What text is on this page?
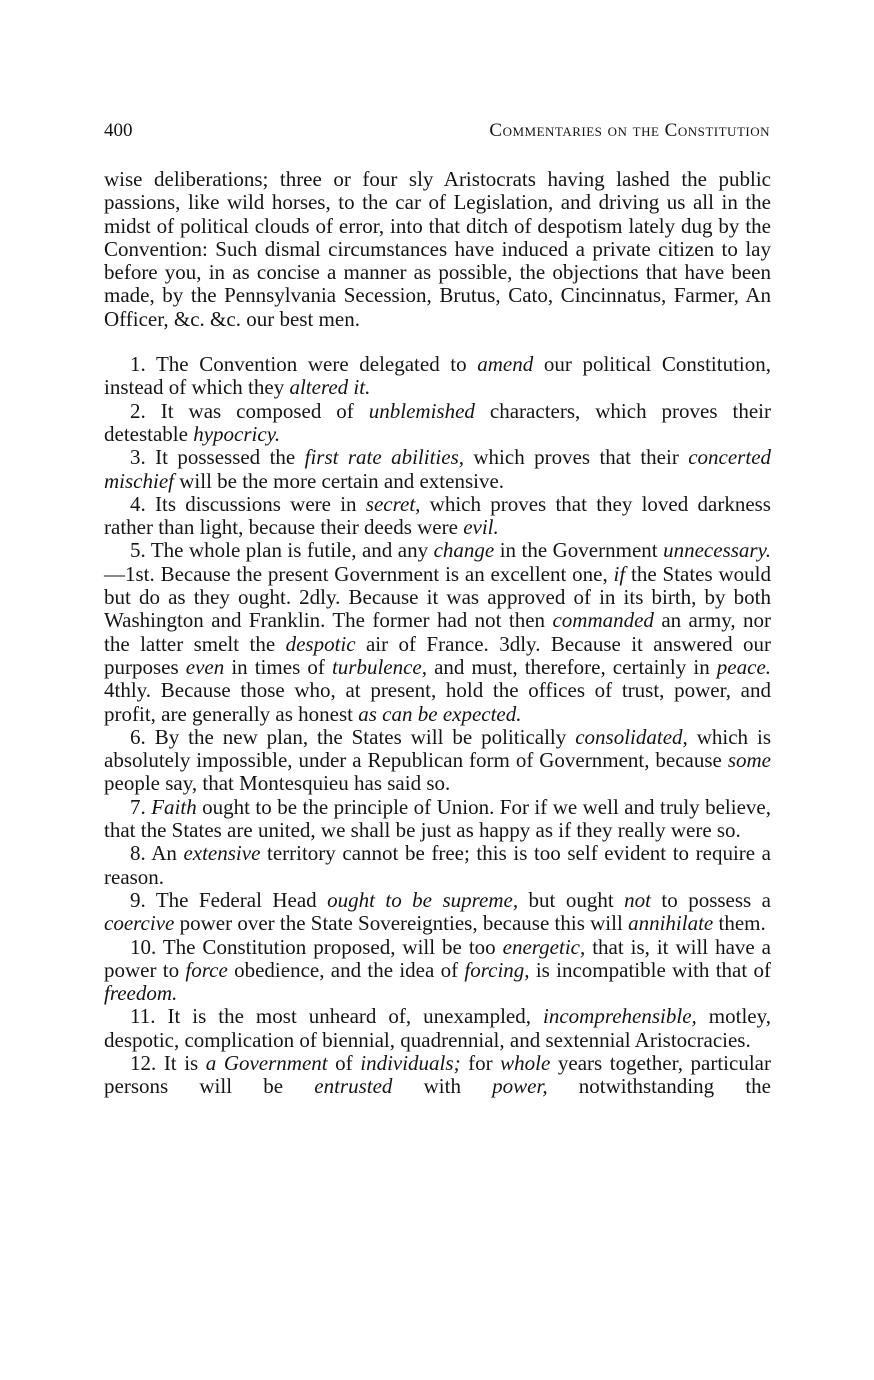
400	Commentaries on the Constitution

wise deliberations; three or four sly Aristocrats having lashed the public passions, like wild horses, to the car of Legislation, and driving us all in the midst of political clouds of error, into that ditch of despotism lately dug by the Convention: Such dismal circumstances have induced a private citizen to lay before you, in as concise a manner as possible, the objections that have been made, by the Pennsylvania Secession, Brutus, Cato, Cincinnatus, Farmer, An Officer, &c. &c. our best men.

1. The Convention were delegated to amend our political Constitution, instead of which they altered it.

2. It was composed of unblemished characters, which proves their detestable hypocricy.

3. It possessed the first rate abilities, which proves that their concerted mischief will be the more certain and extensive.

4. Its discussions were in secret, which proves that they loved darkness rather than light, because their deeds were evil.

5. The whole plan is futile, and any change in the Government unnecessary.—1st. Because the present Government is an excellent one, if the States would but do as they ought. 2dly. Because it was approved of in its birth, by both Washington and Franklin. The former had not then commanded an army, nor the latter smelt the despotic air of France. 3dly. Because it answered our purposes even in times of turbulence, and must, therefore, certainly in peace. 4thly. Because those who, at present, hold the offices of trust, power, and profit, are generally as honest as can be expected.

6. By the new plan, the States will be politically consolidated, which is absolutely impossible, under a Republican form of Government, because some people say, that Montesquieu has said so.

7. Faith ought to be the principle of Union. For if we well and truly believe, that the States are united, we shall be just as happy as if they really were so.

8. An extensive territory cannot be free; this is too self evident to require a reason.

9. The Federal Head ought to be supreme, but ought not to possess a coercive power over the State Sovereignties, because this will annihilate them.

10. The Constitution proposed, will be too energetic, that is, it will have a power to force obedience, and the idea of forcing, is incompatible with that of freedom.

11. It is the most unheard of, unexampled, incomprehensible, motley, despotic, complication of biennial, quadrennial, and sextennial Aristocracies.

12. It is a Government of individuals; for whole years together, particular persons will be entrusted with power, notwithstanding the
